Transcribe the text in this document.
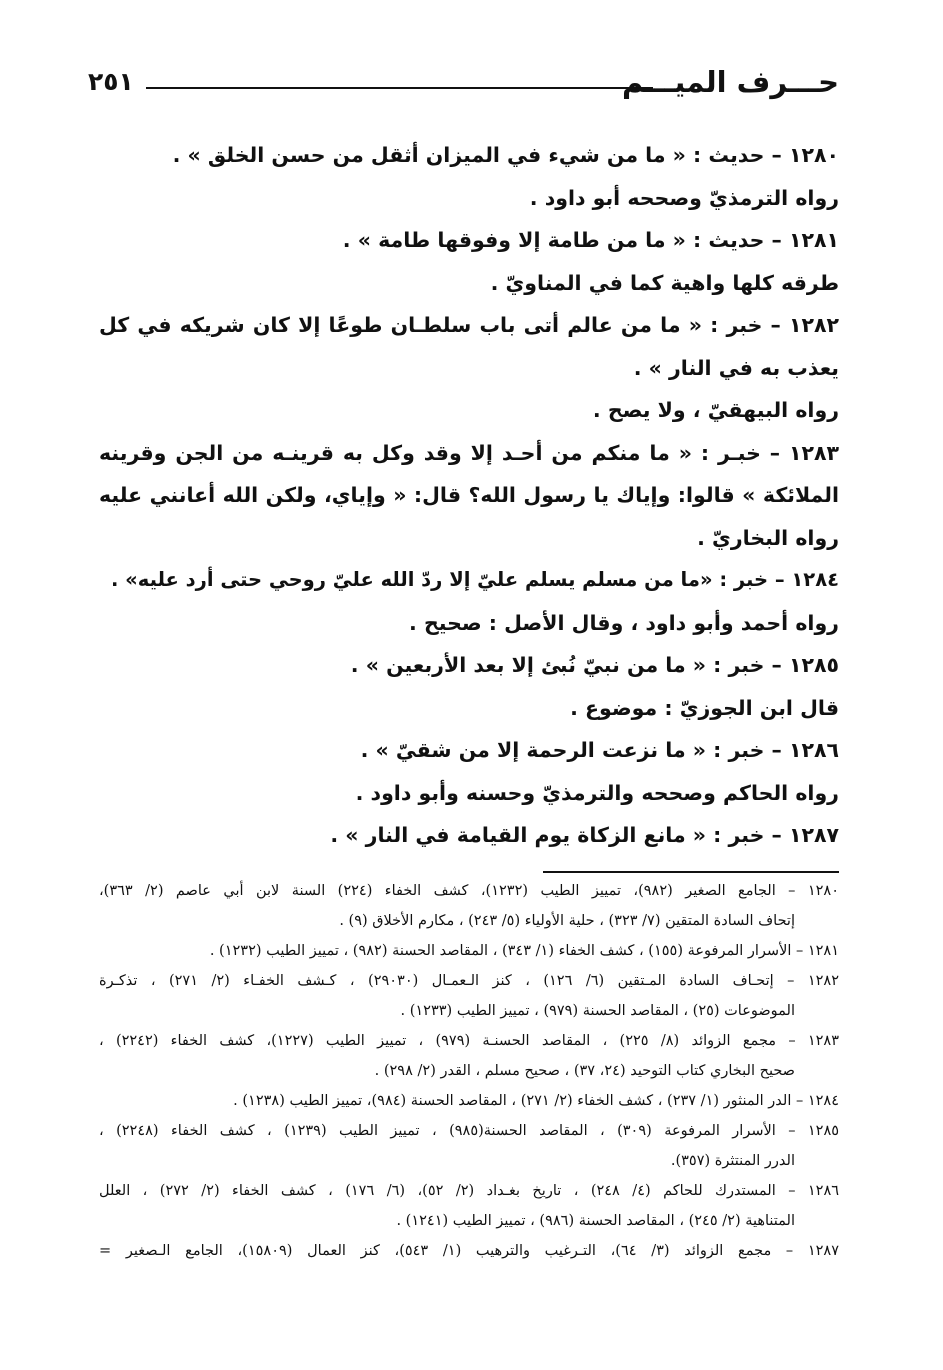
حـــرف الميـــم
٢٥١
١٢٨٠ – حديث : « ما من شيء في الميزان أثقل من حسن الخلق » .
رواه الترمذيّ وصححه أبو داود .
١٢٨١ – حديث : « ما من طامة إلا وفوقها طامة » .
طرقه كلها واهية كما في المناويّ .
١٢٨٢ – خبر : « ما من عالم أتى باب سلطـان طوعًا إلا كان شريكه في كل
يعذب به في النار » .
رواه البيهقيّ ، ولا يصح .
١٢٨٣ – خبـر : « ما منكم من أحـد إلا وقد وكل به قرينـه من الجن وقرينه
الملائكة » قالوا: وإياك يا رسول الله؟ قال: « وإياي، ولكن الله أعانني عليه
رواه البخاريّ .
١٢٨٤ – خبر : «ما من مسلم يسلم عليّ إلا ردّ الله عليّ روحي حتى أرد عليه» .
رواه أحمد وأبو داود ، وقال الأصل : صحيح .
١٢٨٥ – خبر : « ما من نبيّ نُبئ إلا بعد الأربعين » .
قال ابن الجوزيّ : موضوع .
١٢٨٦ – خبر : « ما نزعت الرحمة إلا من شقيّ » .
رواه الحاكم وصححه والترمذيّ وحسنه وأبو داود .
١٢٨٧ – خبر : « مانع الزكاة يوم القيامة في النار » .
١٢٨٠ – الجامع الصغير (٩٨٢)، تمييز الطيب (١٢٣٢)، كشف الخفاء (٢٢٤) السنة لابن أبي عاصم (٢/ ٣٦٣)،
إتحاف السادة المتقين (٧/ ٣٢٣) ، حلية الأولياء (٥/ ٢٤٣) ، مكارم الأخلاق (٩) .
١٢٨١ – الأسرار المرفوعة (١٥٥) ، كشف الخفاء (١/ ٣٤٣) ، المقاصد الحسنة (٩٨٢) ، تمييز الطيب (١٢٣٢) .
١٢٨٢ – إتحـاف السادة المـتقين (٦/ ١٢٦) ، كنز الـعمـال (٢٩٠٣٠) ، كـشف الخفـاء (٢/ ٢٧١) ، تذكـرة
الموضوعات (٢٥) ، المقاصد الحسنة (٩٧٩) ، تمييز الطيب (١٢٣٣) .
١٢٨٣ – مجمع الزوائد (٨/ ٢٢٥) ، المقاصد الحسنـة (٩٧٩) ، تمييز الطيب (١٢٢٧)، كشف الخفاء (٢٢٤٢) ،
صحيح البخاري كتاب التوحيد (٢٤، ٣٧) ، صحيح مسلم ، القدر (٢/ ٢٩٨) .
١٢٨٤ – الدر المنثور (١/ ٢٣٧) ، كشف الخفاء (٢/ ٢٧١) ، المقاصد الحسنة (٩٨٤)، تمييز الطيب (١٢٣٨) .
١٢٨٥ – الأسرار المرفوعة (٣٠٩) ، المقاصد الحسنة(٩٨٥) ، تمييز الطيب (١٢٣٩) ، كشف الخفاء (٢٢٤٨) ،
الدرر المنتثرة (٣٥٧).
١٢٨٦ – المستدرك للحاكم (٤/ ٢٤٨) ، تاريخ بغـداد (٢/ ٥٢)، (٦/ ١٧٦) ، كشف الخفاء (٢/ ٢٧٢) ، العلل
المتناهية (٢/ ٢٤٥) ، المقاصد الحسنة (٩٨٦) ، تمييز الطيب (١٢٤١) .
١٢٨٧ – مجمع الزوائد (٣/ ٦٤)، التـرغيب والترهيب (١/ ٥٤٣)، كنز العمال (١٥٨٠٩)، الجامع الـصغير =
